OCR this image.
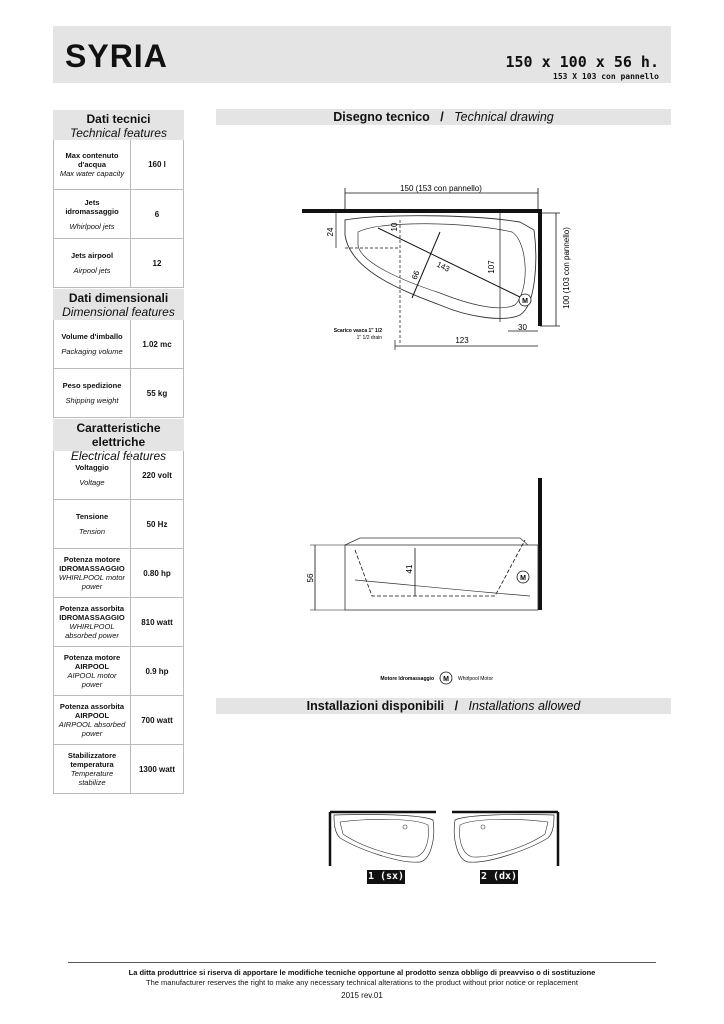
SYRIA	150 x 100 x 56 h.
153 X 103 con pannello
Dati tecnici
Technical features
Max contenuto d'acqua
Max water capacity
160 l
Jets idromassaggio
Whirlpool jets
6
Jets airpool
Airpool jets
12
Dati dimensionali
Dimensional features
Volume d'imballo
Packaging volume
1.02 mc
Peso spedizione
Shipping weight
55 kg
Caratteristiche elettriche
Electrical features
Voltaggio
Voltage
220 volt
Tensione
Tension
50 Hz
Potenza motore IDROMASSAGGIO
WHIRLPOOL motor power
0.80 hp
Potenza assorbita IDROMASSAGGIO
WHIRLPOOL absorbed power
810 watt
Potenza motore AIRPOOL
AIPOOL motor power
0.9 hp
Potenza assorbita AIRPOOL
AIRPOOL absorbed power
700 watt
Stabilizzatore temperatura
Temperature stabilize
1300 watt
Disegno tecnico / Technical drawing
150 (153 con pannello)
100 (103 con pannello)
24
10
143
66
107
M
30
123
Scarico vasca 1" 1/2
1" 1/2 drain
56
41
M
Motore Idromassaggio M Whirlpool Motor
Installazioni disponibili / Installations allowed
1 (sx)	2 (dx)
La ditta produttrice si riserva di apportare le modifiche tecniche opportune al prodotto senza obbligo di preavviso o di sostituzione
The manufacturer reserves the right to make any necessary technical alterations to the product without prior notice or replacement
2015 rev.01
